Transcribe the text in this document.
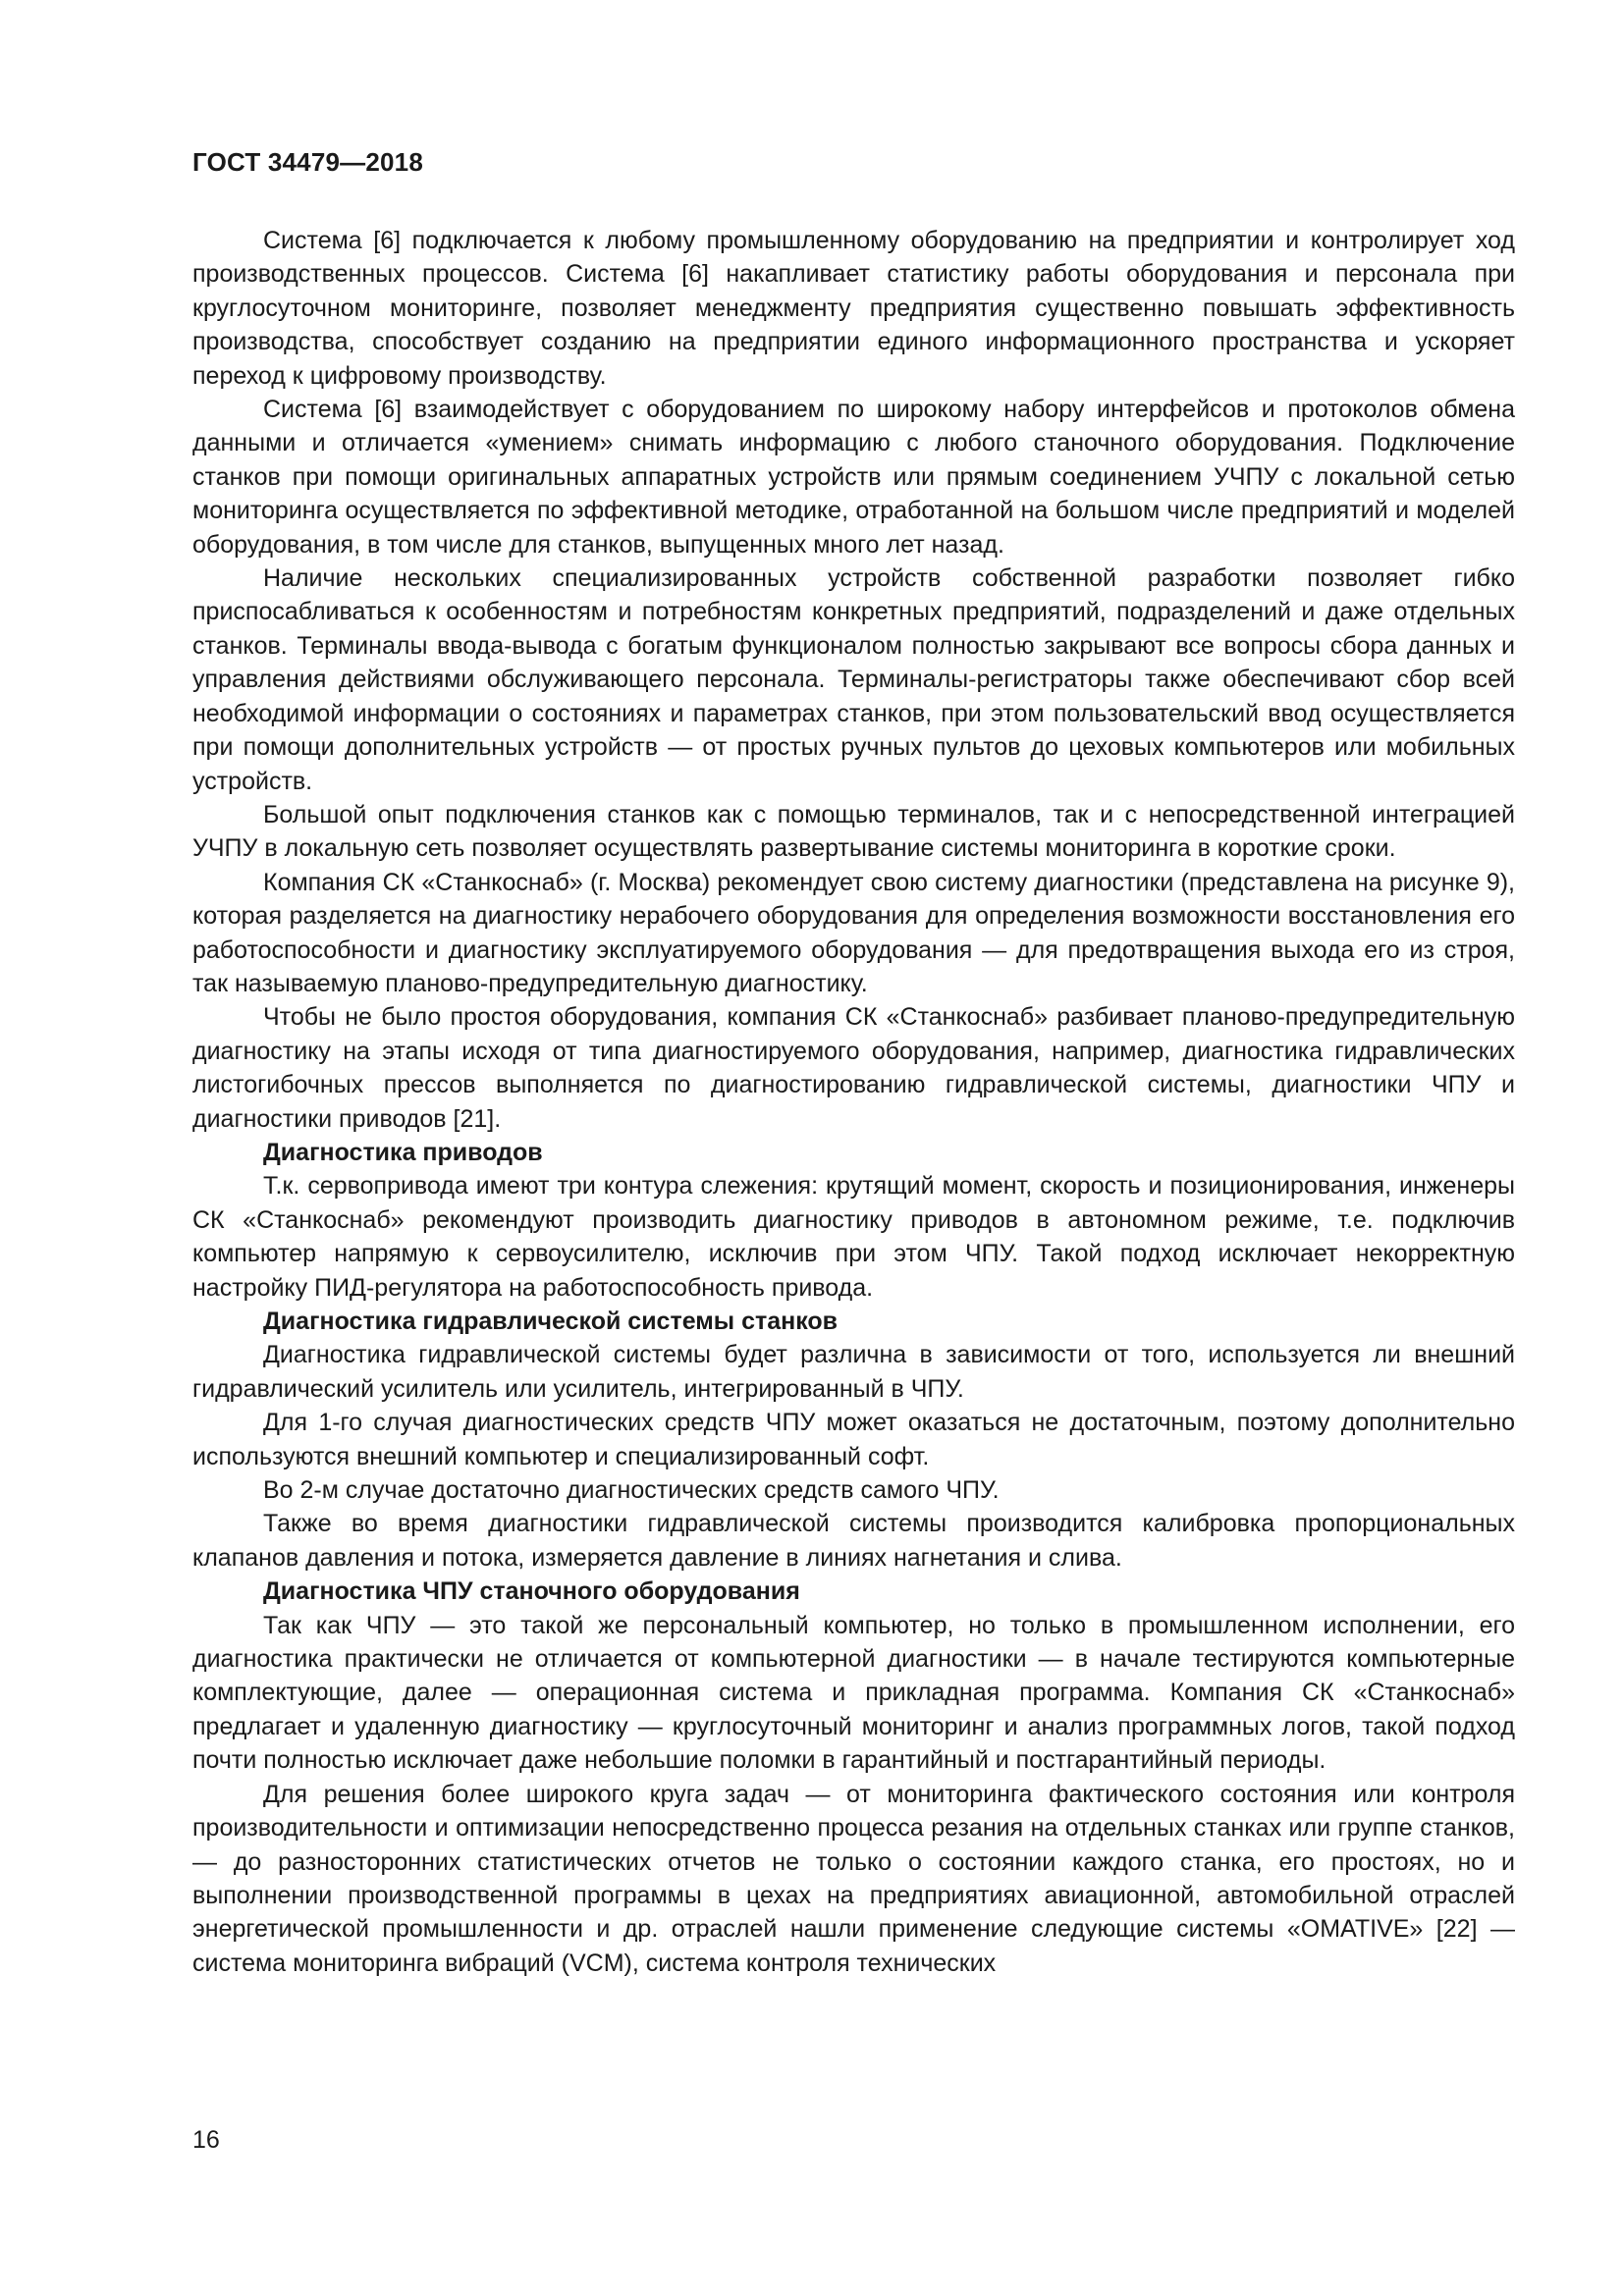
ГОСТ 34479—2018

Система [6] подключается к любому промышленному оборудованию на предприятии и контролирует ход производственных процессов. Система [6] накапливает статистику работы оборудования и персонала при круглосуточном мониторинге, позволяет менеджменту предприятия существенно повышать эффективность производства, способствует созданию на предприятии единого информационного пространства и ускоряет переход к цифровому производству.

Система [6] взаимодействует с оборудованием по широкому набору интерфейсов и протоколов обмена данными и отличается «умением» снимать информацию с любого станочного оборудования. Подключение станков при помощи оригинальных аппаратных устройств или прямым соединением УЧПУ с локальной сетью мониторинга осуществляется по эффективной методике, отработанной на большом числе предприятий и моделей оборудования, в том числе для станков, выпущенных много лет назад.

Наличие нескольких специализированных устройств собственной разработки позволяет гибко приспосабливаться к особенностям и потребностям конкретных предприятий, подразделений и даже отдельных станков. Терминалы ввода-вывода с богатым функционалом полностью закрывают все вопросы сбора данных и управления действиями обслуживающего персонала. Терминалы-регистраторы также обеспечивают сбор всей необходимой информации о состояниях и параметрах станков, при этом пользовательский ввод осуществляется при помощи дополнительных устройств — от простых ручных пультов до цеховых компьютеров или мобильных устройств.

Большой опыт подключения станков как с помощью терминалов, так и с непосредственной интеграцией УЧПУ в локальную сеть позволяет осуществлять развертывание системы мониторинга в короткие сроки.

Компания СК «Станкоснаб» (г. Москва) рекомендует свою систему диагностики (представлена на рисунке 9), которая разделяется на диагностику нерабочего оборудования для определения возможности восстановления его работоспособности и диагностику эксплуатируемого оборудования — для предотвращения выхода его из строя, так называемую планово-предупредительную диагностику.

Чтобы не было простоя оборудования, компания СК «Станкоснаб» разбивает планово-предупредительную диагностику на этапы исходя от типа диагностируемого оборудования, например, диагностика гидравлических листогибочных прессов выполняется по диагностированию гидравлической системы, диагностики ЧПУ и диагностики приводов [21].

Диагностика приводов

Т.к. сервопривода имеют три контура слежения: крутящий момент, скорость и позиционирования, инженеры СК «Станкоснаб» рекомендуют производить диагностику приводов в автономном режиме, т.е. подключив компьютер напрямую к сервоусилителю, исключив при этом ЧПУ. Такой подход исключает некорректную настройку ПИД-регулятора на работоспособность привода.

Диагностика гидравлической системы станков

Диагностика гидравлической системы будет различна в зависимости от того, используется ли внешний гидравлический усилитель или усилитель, интегрированный в ЧПУ.

Для 1-го случая диагностических средств ЧПУ может оказаться не достаточным, поэтому дополнительно используются внешний компьютер и специализированный софт.

Во 2-м случае достаточно диагностических средств самого ЧПУ.

Также во время диагностики гидравлической системы производится калибровка пропорциональных клапанов давления и потока, измеряется давление в линиях нагнетания и слива.

Диагностика ЧПУ станочного оборудования

Так как ЧПУ — это такой же персональный компьютер, но только в промышленном исполнении, его диагностика практически не отличается от компьютерной диагностики — в начале тестируются компьютерные комплектующие, далее — операционная система и прикладная программа. Компания СК «Станкоснаб» предлагает и удаленную диагностику — круглосуточный мониторинг и анализ программных логов, такой подход почти полностью исключает даже небольшие поломки в гарантийный и постгарантийный периоды.

Для решения более широкого круга задач — от мониторинга фактического состояния или контроля производительности и оптимизации непосредственно процесса резания на отдельных станках или группе станков, — до разносторонних статистических отчетов не только о состоянии каждого станка, его простоях, но и выполнении производственной программы в цехах на предприятиях авиационной, автомобильной отраслей энергетической промышленности и др. отраслей нашли применение следующие системы «OMATIVE» [22] — система мониторинга вибраций (VCM), система контроля технических

16
